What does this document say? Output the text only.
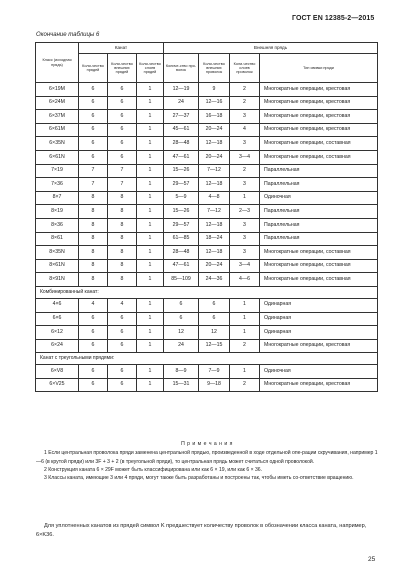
ГОСТ EN 12385-2—2015
Окончание таблицы 6
Класс (исходная прядь)	Канат			Внешняя прядь			
	Коли-чество прядей	Коли-чество внешних прядей	Коли-чество слоев прядей	Количе-ство про-волок	Коли-чество внешних проволок	Коли-чество слоев проволок	Тип свивки пряди
6×19M	6	6	1	12—19	9	2	Многократные операции, крестовая
6×24M	6	6	1	24	12—16	2	Многократные операции, крестовая
6×37M	6	6	1	27—37	16—18	3	Многократные операции, крестовая
6×61M	6	6	1	45—61	20—24	4	Многократные операции, крестовая
6×35N	6	6	1	28—48	12—18	3	Многократные операции, составная
6×61N	6	6	1	47—61	20—24	3—4	Многократные операции, составная
7×19	7	7	1	15—26	7—12	2	Параллельная
7×36	7	7	1	29—57	12—18	3	Параллельная
8×7	8	8	1	5—9	4—8	1	Одиночная
8×19	8	8	1	15—26	7—12	2—3	Параллельная
8×36	8	8	1	29—57	12—18	3	Параллельная
8×61	8	8	1	61—85	18—24	3	Параллельная
8×35N	8	8	1	28—48	12—18	3	Многократные операции, составная
8×61N	8	8	1	47—61	20—24	3—4	Многократные операции, составная
8×91N	8	8	1	85—109	24—36	4—6	Многократные операции, составная
Комбинированный канат:							
4×6	4	4	1	6	6	1	Одинарная
6×6	6	6	1	6	6	1	Одинарная
6×12	6	6	1	12	12	1	Одинарная
6×24	6	6	1	24	12—15	2	Многократные операции, крестовая
Канат с треугольными прядями:							
6×V8	6	6	1	8—9	7—9	1	Одиночная
6×V25	6	6	1	15—31	9—18	2	Многократные операции, крестовая

П р и м е ч а н и я

1 Если центральная проволока пряди заменена центральной прядью, произведенной в ходе отдельной опе-рации скручивания, например 1—6 (в крутой пряди) или 3F + 3 + 2 (в треугольной пряди), то центральная прядь может считаться одной проволокой.

2 Конструкция каната 6 × 29F может быть классифицирована или как 6 × 19, или как 6 × 36.

3 Классы каната, имеющие 3 или 4 пряди, могут также быть разработаны и построены так, чтобы иметь со-ответствие вращению.

Для уплотненных канатов из прядей символ K предшествует количеству проволок в обозначении класса каната, например, 6×K36.

25
